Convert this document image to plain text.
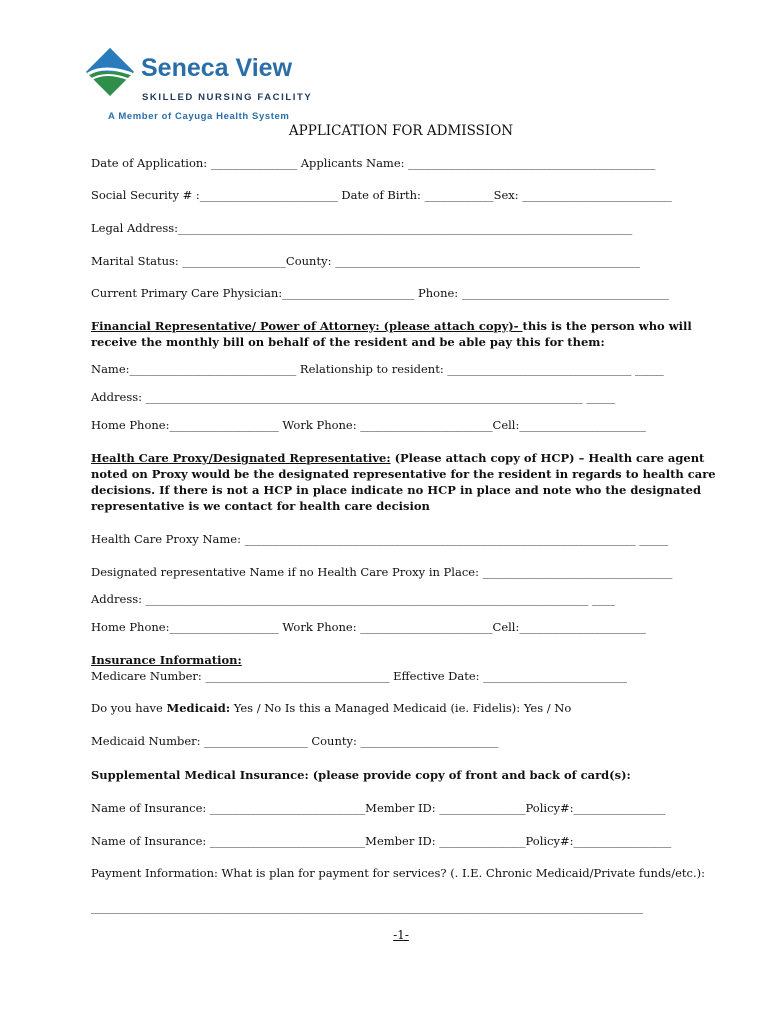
Seneca View
SKILLED NURSING FACILITY
A Member of Cayuga Health System
APPLICATION FOR ADMISSION
Date of Application: _______________ Applicants Name: ___________________________________________
Social Security # :________________________ Date of Birth: ____________Sex: __________________________
Legal Address:_______________________________________________________________________________
Marital Status: __________________County: _____________________________________________________
Current Primary Care Physician:_______________________ Phone: ____________________________________
Financial Representative/ Power of Attorney: (please attach copy)- this is the person who will receive the monthly bill on behalf of the resident and be able pay this for them:
Name:_____________________________ Relationship to resident: ________________________________ _____
Address: ____________________________________________________________________________ _____
Home Phone:___________________ Work Phone: _______________________Cell:______________________
Health Care Proxy/Designated Representative: (Please attach copy of HCP) – Health care agent noted on Proxy would be the designated representative for the resident in regards to health care decisions. If there is not a HCP in place indicate no HCP in place and note who the designated representative is we contact for health care decision
Health Care Proxy Name: ____________________________________________________________________ _____
Designated representative Name if no Health Care Proxy in Place: _________________________________
Address: _____________________________________________________________________________ ____
Home Phone:___________________ Work Phone: _______________________Cell:______________________
Insurance Information:
Medicare Number: ________________________________ Effective Date: _________________________
Do you have Medicaid: Yes / No Is this a Managed Medicaid (ie. Fidelis): Yes / No
Medicaid Number: __________________ County: ________________________
Supplemental Medical Insurance: (please provide copy of front and back of card(s):
Name of Insurance: ___________________________Member ID: _______________Policy#:________________
Name of Insurance: ___________________________Member ID: _______________Policy#:_________________
Payment Information: What is plan for payment for services? (. I.E. Chronic Medicaid/Private funds/etc.):
________________________________________________________________________________________________
-1-
